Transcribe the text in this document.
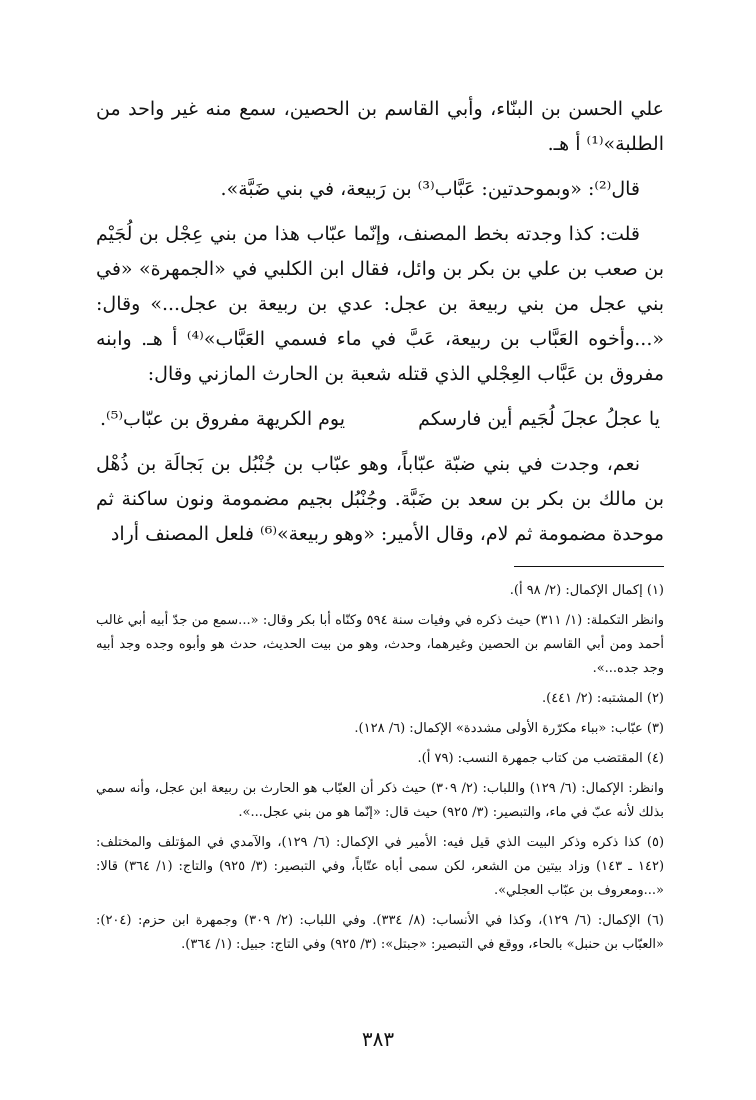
علي الحسن بن البنّاء، وأبي القاسم بن الحصين، سمع منه غير واحد من الطلبة»⁽¹⁾ أ هـ.

قال⁽²⁾: «وبموحدتين: عَبَّاب⁽³⁾ بن رَبيعة، في بني ضَبَّة».

قلت: كذا وجدته بخط المصنف، وإنّما عبّاب هذا من بني عِجْل بن لُجَيْم بن صعب بن علي بن بكر بن وائل، فقال ابن الكلبي في «الجمهرة» «في بني عجل من بني ربيعة بن عجل: عدي بن ربيعة بن عجل...» وقال: «...وأخوه العَبَّاب بن ربيعة، عَبَّ في ماء فسمي العَبَّاب»⁽⁴⁾ أ هـ. وابنه مفروق بن عَبَّاب العِجْلي الذي قتله شعبة بن الحارث المازني وقال:

يا عجلُ عجلَ لُجَيم أين فارسكم
يوم الكريهة مفروق بن عبّاب⁽⁵⁾.

نعم، وجدت في بني ضبّة عبّاباً، وهو عبّاب بن جُنْبُل بن بَجالَة بن ذُهْل بن مالك بن بكر بن سعد بن ضَبَّة. وجُنْبُل بجيم مضمومة ونون ساكنة ثم موحدة مضمومة ثم لام، وقال الأمير: «وهو ربيعة»⁽⁶⁾ فلعل المصنف أراد

(١) إكمال الإكمال: (٢/ ٩٨ أ).

وانظر التكملة: (١/ ٣١١) حيث ذكره في وفيات سنة ٥٩٤ وكنّاه أبا بكر وقال: «...سمع من جدّ أبيه أبي غالب أحمد ومن أبي القاسم بن الحصين وغيرهما، وحدث، وهو من بيت الحديث، حدث هو وأبوه وجده وجد أبيه وجد جده...».

(٢) المشتبه: (٢/ ٤٤١).

(٣) عبّاب: «بباء مكرّرة الأولى مشددة» الإكمال: (٦/ ١٢٨).

(٤) المقتضب من كتاب جمهرة النسب: (٧٩ أ).

وانظر: الإكمال: (٦/ ١٢٩) واللباب: (٢/ ٣٠٩) حيث ذكر أن العبّاب هو الحارث بن ربيعة ابن عجل، وأنه سمي بذلك لأنه عبّ في ماء، والتبصير: (٣/ ٩٢٥) حيث قال: «إنّما هو من بني عجل...».

(٥) كذا ذكره وذكر البيت الذي قيل فيه: الأمير في الإكمال: (٦/ ١٢٩)، والآمدي في المؤتلف والمختلف: (١٤٢ ـ ١٤٣) وزاد بيتين من الشعر، لكن سمى أباه عتّاباً، وفي التبصير: (٣/ ٩٢٥) والتاج: (١/ ٣٦٤) قالا: «...ومعروف بن عبّاب العجلي».

(٦) الإكمال: (٦/ ١٢٩)، وكذا في الأنساب: (٨/ ٣٣٤). وفي اللباب: (٢/ ٣٠٩) وجمهرة ابن حزم: (٢٠٤): «العبّاب بن حنبل» بالحاء، ووقع في التبصير: «جبتل»: (٣/ ٩٢٥) وفي التاج: جبيل: (١/ ٣٦٤).

٣٨٣
